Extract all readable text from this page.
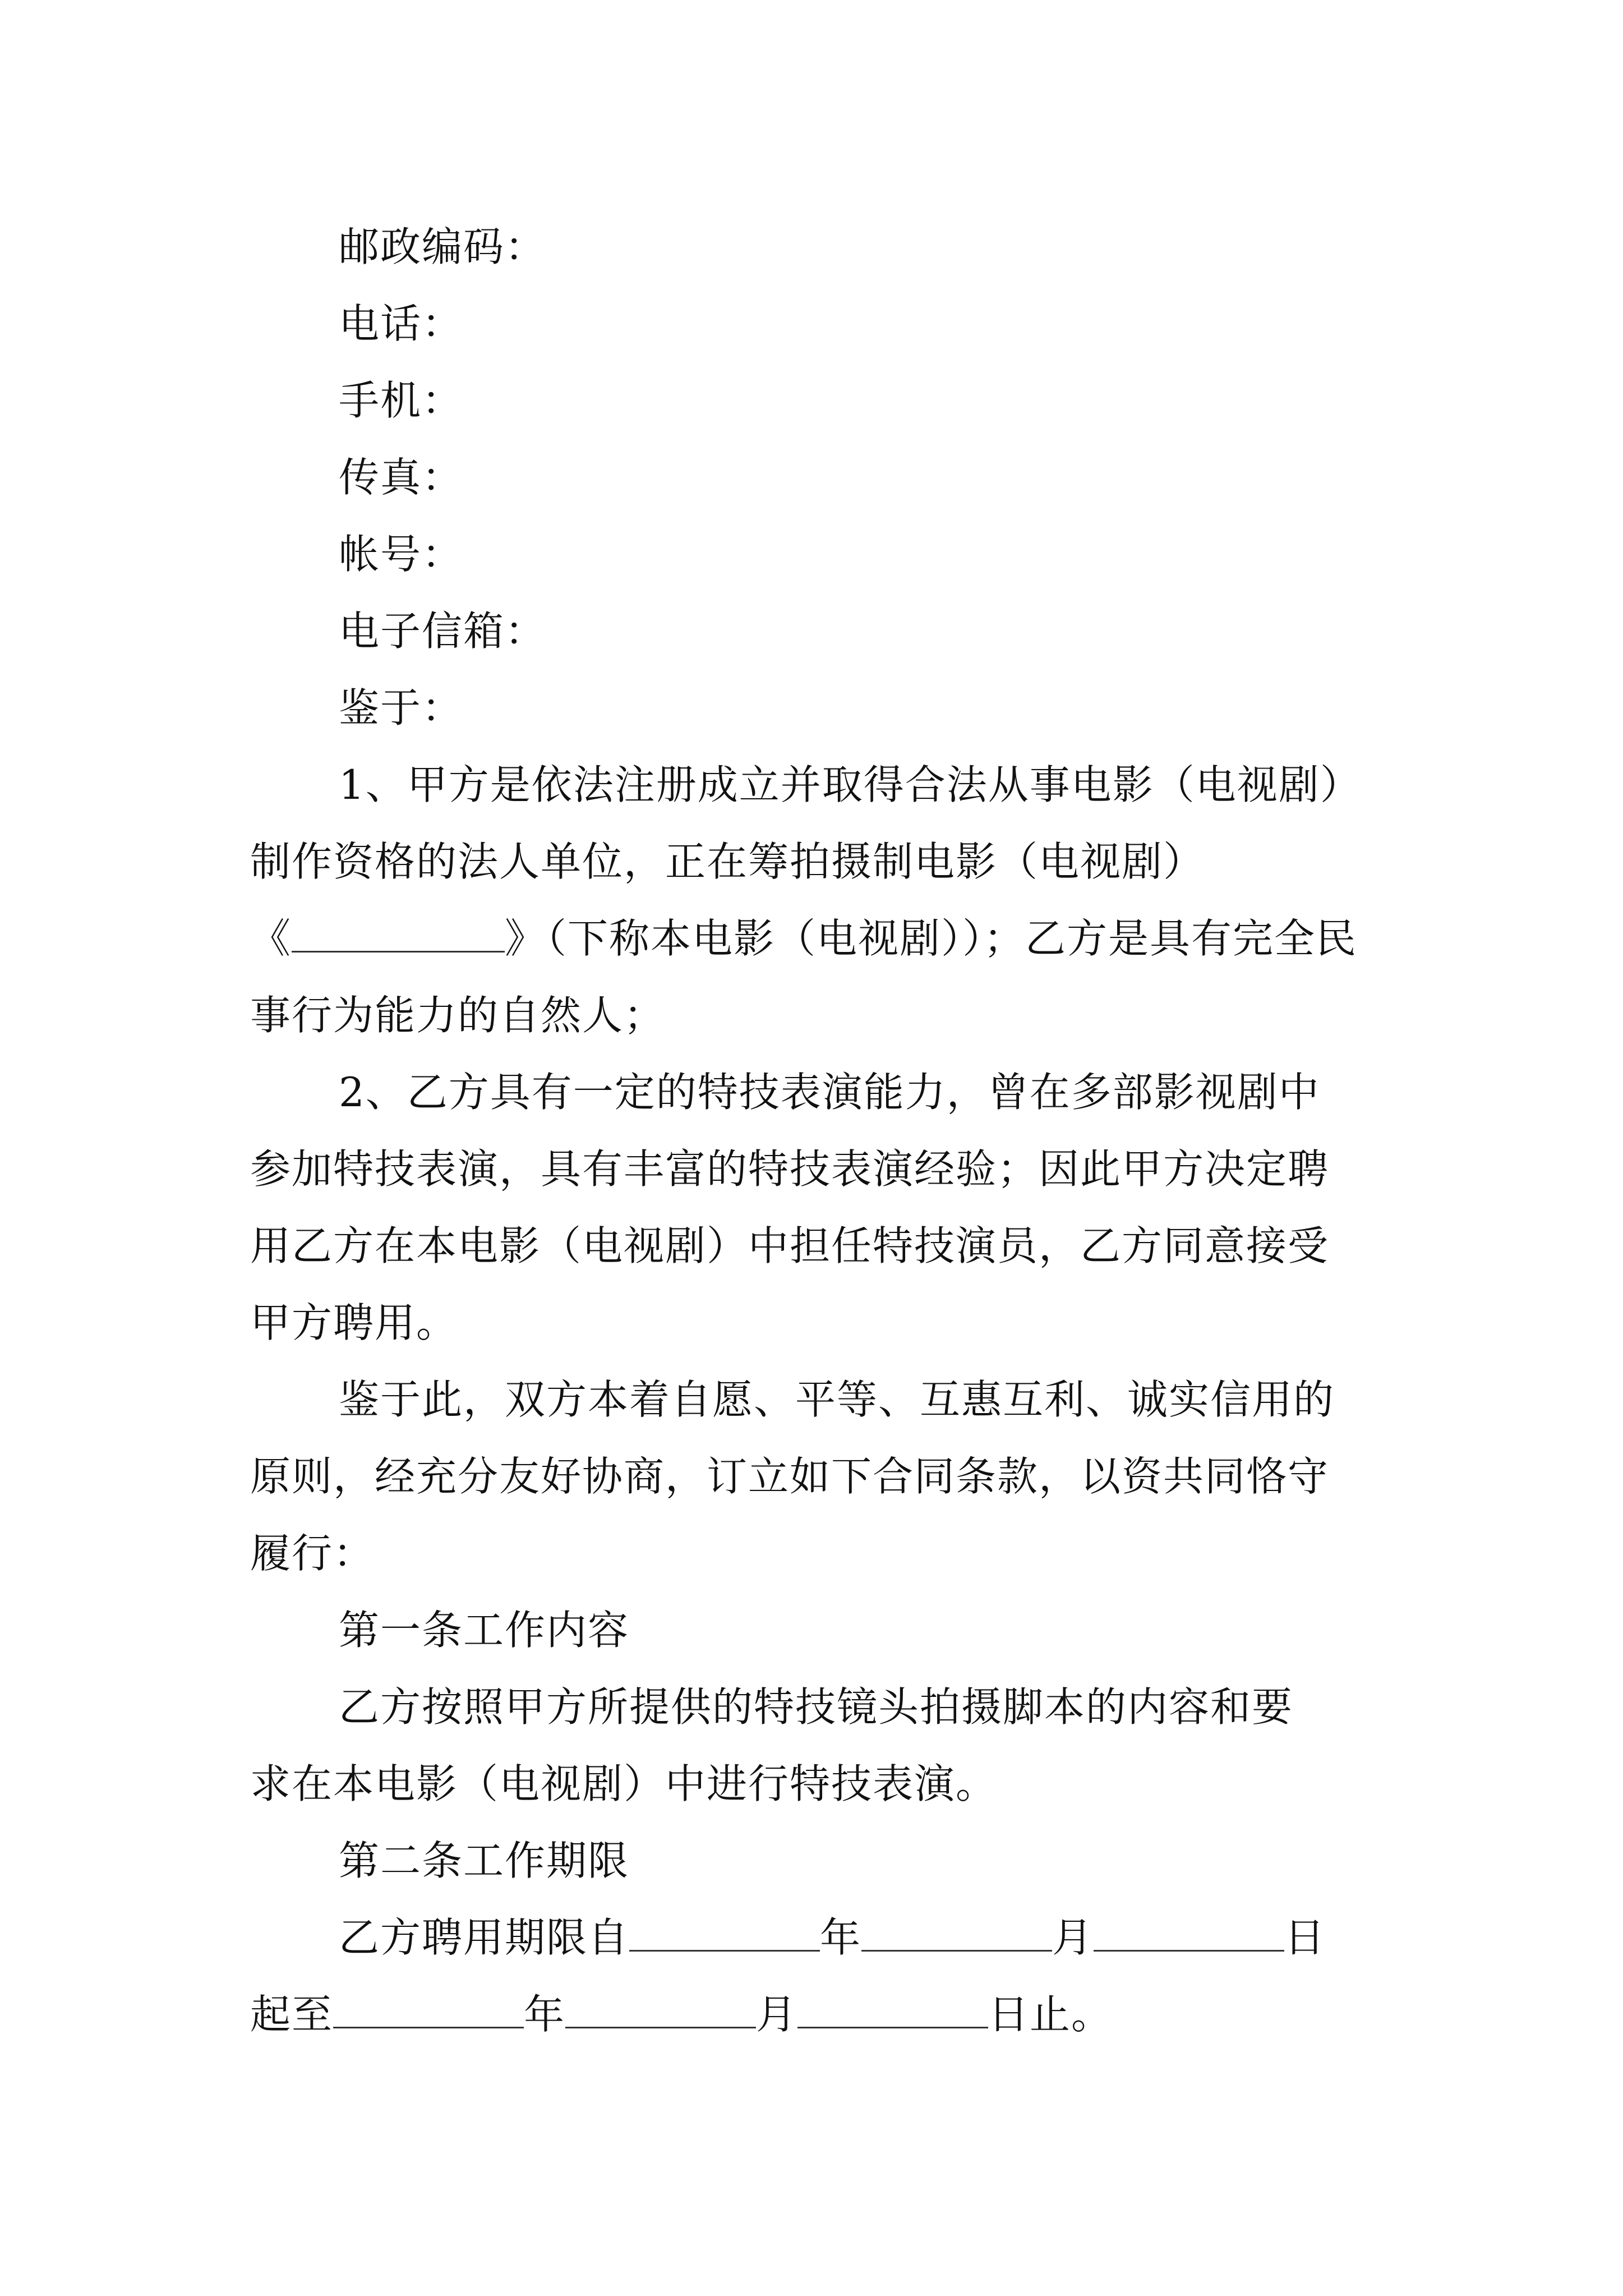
邮政编码：
电话：
手机：
传真：
帐号：
电子信箱：
鉴于：
1、甲方是依法注册成立并取得合法从事电影（电视剧）
制作资格的法人单位，正在筹拍摄制电影（电视剧）
《	》（下称本电影（电视剧））；乙方是具有完全民
事行为能力的自然人；
2、乙方具有一定的特技表演能力，曾在多部影视剧中
参加特技表演，具有丰富的特技表演经验；因此甲方决定聘
用乙方在本电影（电视剧）中担任特技演员，乙方同意接受
甲方聘用。
鉴于此，双方本着自愿、平等、互惠互利、诚实信用的
原则，经充分友好协商，订立如下合同条款，以资共同恪守
履行：
第一条工作内容
乙方按照甲方所提供的特技镜头拍摄脚本的内容和要
求在本电影（电视剧）中进行特技表演。
第二条工作期限
乙方聘用期限自	年	月	日
起至	年	月	日止。
